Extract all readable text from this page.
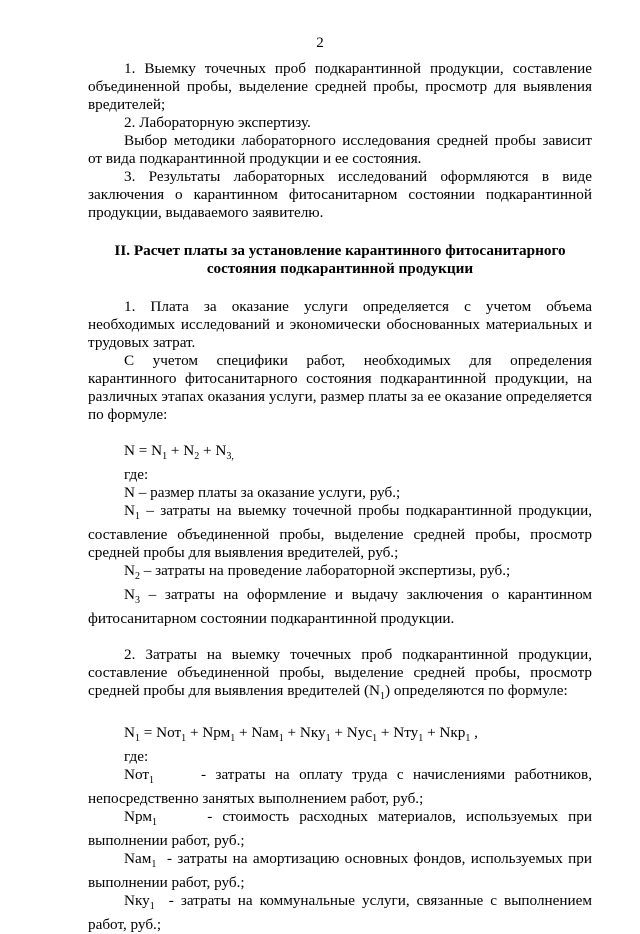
2

1. Выемку точечных проб подкарантинной продукции, составление объединенной пробы, выделение средней пробы, просмотр для выявления вредителей;

2. Лабораторную экспертизу.

Выбор методики лабораторного исследования средней пробы зависит от вида подкарантинной продукции и ее состояния.

3. Результаты лабораторных исследований оформляются в виде заключения о карантинном фитосанитарном состоянии подкарантинной продукции, выдаваемого заявителю.

II. Расчет платы за установление карантинного фитосанитарного состояния подкарантинной продукции

1. Плата за оказание услуги определяется с учетом объема необходимых исследований и экономически обоснованных материальных и трудовых затрат.

С учетом специфики работ, необходимых для определения карантинного фитосанитарного состояния подкарантинной продукции, на различных этапах оказания услуги, размер платы за ее оказание определяется по формуле:

$N = N_1 + N_2 + N_{3,}$

где:

N – размер платы за оказание услуги, руб.;

$N_1$ – затраты на выемку точечной пробы подкарантинной продукции, составление объединенной пробы, выделение средней пробы, просмотр средней пробы для выявления вредителей, руб.;

$N_2$ – затраты на проведение лабораторной экспертизы, руб.;

$N_3$ – затраты на оформление и выдачу заключения о карантинном фитосанитарном состоянии подкарантинной продукции.

2. Затраты на выемку точечных проб подкарантинной продукции, составление объединенной пробы, выделение средней пробы, просмотр средней пробы для выявления вредителей $(N_1)$ определяются по формуле:

$N_1 = Nот_1 + Nрм_1 + Nам_1 + Nку_1 + Nус_1 + Nту_1 + Nкр_1$ ,

где:

Nот$_1$	- затраты на оплату труда с начислениями работников, непосредственно занятых выполнением работ, руб.;

Nрм$_1$	- стоимость расходных материалов, используемых при выполнении работ, руб.;

Nам$_1$ - затраты на амортизацию основных фондов, используемых при выполнении работ, руб.;

Nку$_1$ - затраты на коммунальные услуги, связанные с выполнением работ, руб.;
